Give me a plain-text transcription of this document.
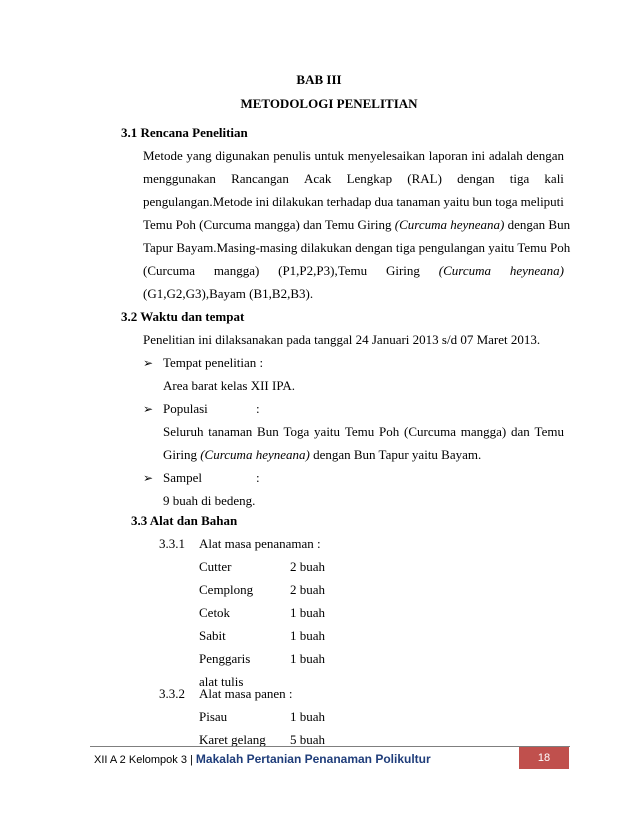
BAB III
METODOLOGI PENELITIAN
3.1 Rencana Penelitian
Metode yang digunakan penulis untuk menyelesaikan laporan ini adalah dengan
menggunakan Rancangan Acak Lengkap (RAL) dengan tiga kali
pengulangan.Metode ini dilakukan terhadap dua tanaman yaitu bun toga meliputi
Temu Poh (Curcuma mangga) dan Temu Giring (Curcuma heyneana) dengan Bun
Tapur Bayam.Masing-masing dilakukan dengan tiga pengulangan yaitu Temu Poh
(Curcuma mangga) (P1,P2,P3),Temu Giring (Curcuma heyneana)
(G1,G2,G3),Bayam (B1,B2,B3).
3.2 Waktu dan tempat
Penelitian ini dilaksanakan pada tanggal 24 Januari 2013 s/d 07 Maret 2013.
➢ Tempat penelitian :
Area barat kelas XII IPA.
➢ Populasi	:
Seluruh tanaman Bun Toga yaitu Temu Poh (Curcuma mangga) dan Temu
Giring (Curcuma heyneana) dengan Bun Tapur yaitu Bayam.
➢ Sampel	:
9 buah di bedeng.
3.3 Alat dan Bahan
3.3.1 Alat masa penanaman :
Cutter	2 buah
Cemplong	2 buah
Cetok	1 buah
Sabit	1 buah
Penggaris	1 buah
alat tulis
3.3.2 Alat masa panen :
Pisau	1 buah
Karet gelang 5 buah
XII A 2 Kelompok 3 | Makalah Pertanian Penanaman Polikultur	18
